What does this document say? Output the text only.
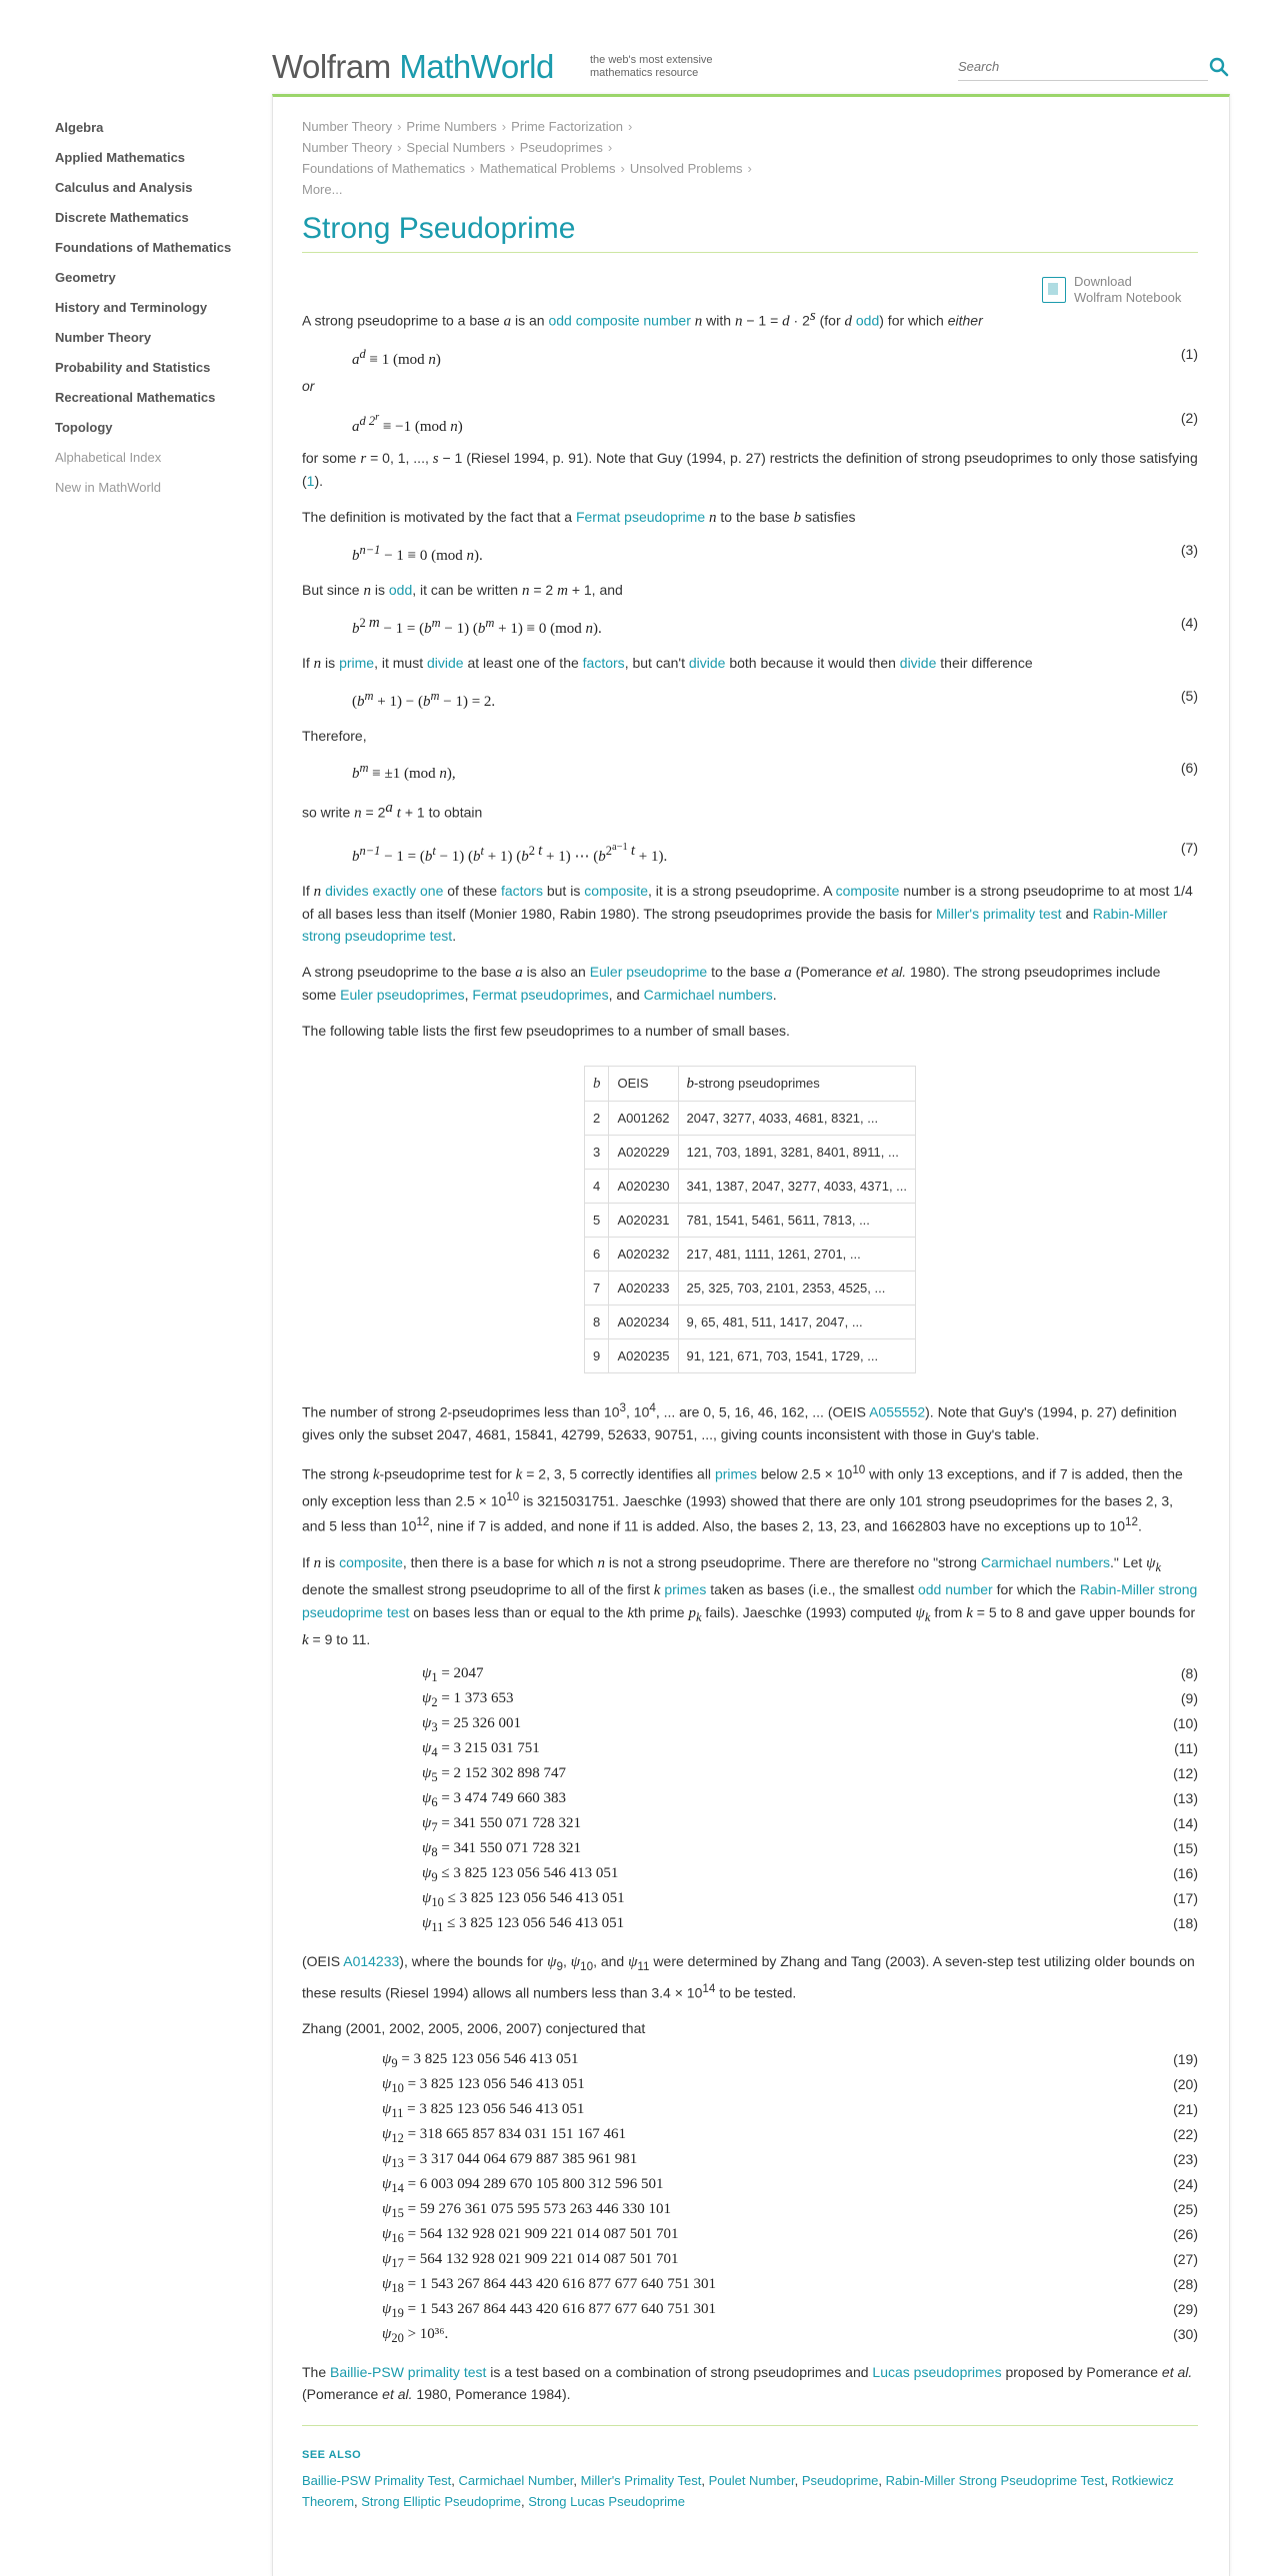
Wolfram MathWorld	the web's most extensive mathematics resource
Search
Algebra
Applied Mathematics
Calculus and Analysis
Discrete Mathematics
Foundations of Mathematics
Geometry
History and Terminology
Number Theory
Probability and Statistics
Recreational Mathematics
Topology
Alphabetical Index
New in MathWorld
Number Theory › Prime Numbers › Prime Factorization ›
Number Theory › Special Numbers › Pseudoprimes ›
Foundations of Mathematics › Mathematical Problems › Unsolved Problems ›
More...
Strong Pseudoprime
Download
Wolfram Notebook

A strong pseudoprime to a base a is an odd composite number n with $n - 1 = d \cdot 2^s$ (for d odd) for which either

$a^d \equiv 1$ (mod n)	(1)

or

$a^{d 2^r} \equiv -1$ (mod n)
(2)

for some r = 0, 1, ..., s − 1 (Riesel 1994, p. 91). Note that Guy (1994, p. 27) restricts the definition of strong pseudoprimes to only those satisfying (1).

The definition is motivated by the fact that a Fermat pseudoprime n to the base b satisfies

$b^{n-1} - 1 \equiv 0$ (mod n).	(3)

But since n is odd, it can be written n = 2 m + 1, and

$b^{2 m} - 1 = (b^m - 1) (b^m + 1) \equiv 0$ (mod n).	(4)

If n is prime, it must divide at least one of the factors, but can't divide both because it would then divide their difference

$(b^m + 1) - (b^m - 1) = 2$.	(5)

Therefore,

$b^m \equiv \pm 1$ (mod n),	(6)

so write $n = 2^a$ t + 1 to obtain

$b^{n-1} - 1 = (b^t - 1) (b^t + 1) (b^{2 t} + 1)$ ⋯ $(b^{2^{a-1} t} + 1)$.
(7)

If n divides exactly one of these factors but is composite, it is a strong pseudoprime. A composite number is a strong pseudoprime to at most 1/4 of all bases less than itself (Monier 1980, Rabin 1980). The strong pseudoprimes provide the basis for Miller's primality test and Rabin-Miller strong pseudoprime test.

A strong pseudoprime to the base a is also an Euler pseudoprime to the base a (Pomerance et al. 1980). The strong pseudoprimes include some Euler pseudoprimes, Fermat pseudoprimes, and Carmichael numbers.

The following table lists the first few pseudoprimes to a number of small bases.

b	OEIS	b-strong pseudoprimes
2	A001262	2047, 3277, 4033, 4681, 8321, ...
3	A020229	121, 703, 1891, 3281, 8401, 8911, ...
4	A020230	341, 1387, 2047, 3277, 4033, 4371, ...
5	A020231	781, 1541, 5461, 5611, 7813, ...
6	A020232	217, 481, 1111, 1261, 2701, ...
7	A020233	25, 325, 703, 2101, 2353, 4525, ...
8	A020234	9, 65, 481, 511, 1417, 2047, ...
9	A020235	91, 121, 671, 703, 1541, 1729, ...

The number of strong 2-pseudoprimes less than $10^3$, $10^4$, ... are 0, 5, 16, 46, 162, ... (OEIS A055552). Note that Guy's (1994, p. 27) definition gives only the subset 2047, 4681, 15841, 42799, 52633, 90751, ..., giving counts inconsistent with those in Guy's table.

The strong k-pseudoprime test for k = 2, 3, 5 correctly identifies all primes below $2.5 \times 10^{10}$ with only 13 exceptions, and if 7 is added, then the only exception less than $2.5 \times 10^{10}$ is 3215031751. Jaeschke (1993) showed that there are only 101 strong pseudoprimes for the bases 2, 3, and 5 less than $10^{12}$, nine if 7 is added, and none if 11 is added. Also, the bases 2, 13, 23, and 1662803 have no exceptions up to $10^{12}$.

If n is composite, then there is a base for which n is not a strong pseudoprime. There are therefore no "strong Carmichael numbers." Let $\psi_k$ denote the smallest strong pseudoprime to all of the first k primes taken as bases (i.e., the smallest odd number for which the Rabin-Miller strong pseudoprime test on bases less than or equal to the kth prime $p_k$ fails). Jaeschke (1993) computed $\psi_k$ from k = 5 to 8 and gave upper bounds for k = 9 to 11.

$\psi_1 = 2047$	(8)
$\psi_2 = 1$ 373 653	(9)
$\psi_3 = 25$ 326 001	(10)
$\psi_4 = 3$ 215 031 751	(11)
$\psi_5 = 2$ 152 302 898 747	(12)
$\psi_6 = 3$ 474 749 660 383	(13)
$\psi_7 = 341$ 550 071 728 321	(14)
$\psi_8 = 341$ 550 071 728 321	(15)
$\psi_9 \le 3$ 825 123 056 546 413 051	(16)
$\psi_{10} \le 3$ 825 123 056 546 413 051	(17)
$\psi_{11} \le 3$ 825 123 056 546 413 051	(18)

(OEIS A014233), where the bounds for $\psi_9$, $\psi_{10}$, and $\psi_{11}$ were determined by Zhang and Tang (2003). A seven-step test utilizing older bounds on these results (Riesel 1994) allows all numbers less than $3.4 \times 10^{14}$ to be tested.

Zhang (2001, 2002, 2005, 2006, 2007) conjectured that

$\psi_9 = 3$ 825 123 056 546 413 051	(19)
$\psi_{10} = 3$ 825 123 056 546 413 051	(20)
$\psi_{11} = 3$ 825 123 056 546 413 051	(21)
$\psi_{12} = 318$ 665 857 834 031 151 167 461	(22)
$\psi_{13} = 3$ 317 044 064 679 887 385 961 981	(23)
$\psi_{14} = 6$ 003 094 289 670 105 800 312 596 501	(24)
$\psi_{15} = 59$ 276 361 075 595 573 263 446 330 101	(25)
$\psi_{16} = 564$ 132 928 021 909 221 014 087 501 701	(26)
$\psi_{17} = 564$ 132 928 021 909 221 014 087 501 701	(27)
$\psi_{18} = 1$ 543 267 864 443 420 616 877 677 640 751 301	(28)
$\psi_{19} = 1$ 543 267 864 443 420 616 877 677 640 751 301	(29)
$\psi_{20} > 10^{36}$.	(30)

The Baillie-PSW primality test is a test based on a combination of strong pseudoprimes and Lucas pseudoprimes proposed by Pomerance et al. (Pomerance et al. 1980, Pomerance 1984).

SEE ALSO
Baillie-PSW Primality Test, Carmichael Number, Miller's Primality Test, Poulet Number, Pseudoprime, Rabin-Miller Strong Pseudoprime Test, Rotkiewicz Theorem, Strong Elliptic Pseudoprime, Strong Lucas Pseudoprime
